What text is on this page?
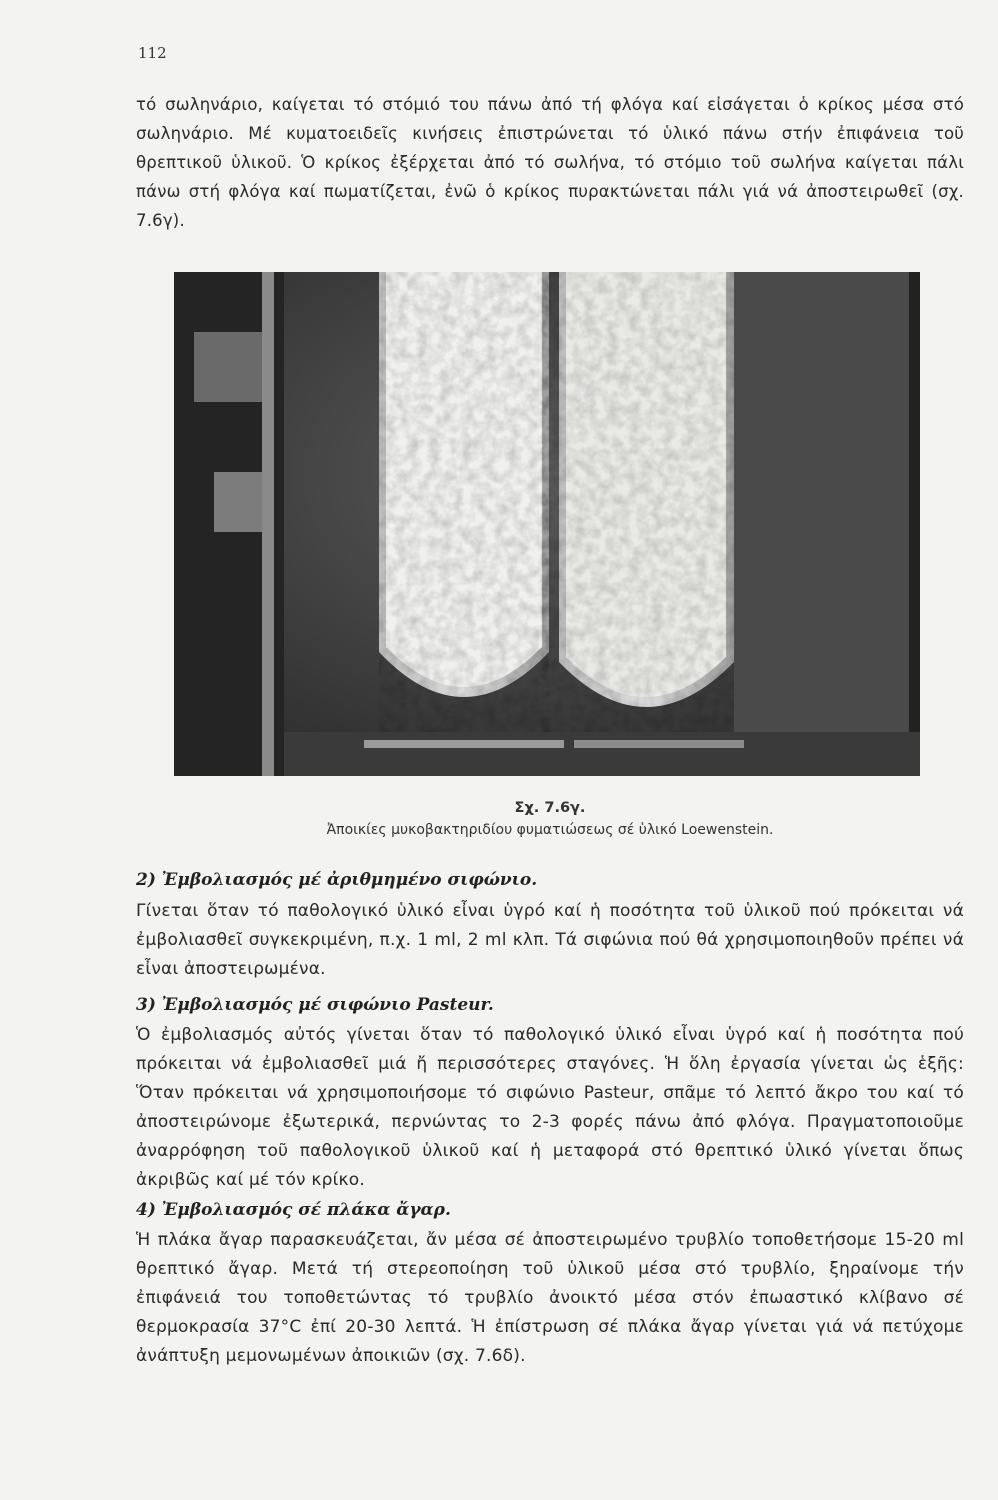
112

τό σωληνάριο, καίγεται τό στόμιό του πάνω ἀπό τή φλόγα καί εἰσάγεται ὁ κρίκος μέσα στό σωληνάριο. Μέ κυματοειδεῖς κινήσεις ἐπιστρώνεται τό ὑλικό πάνω στήν ἐπιφάνεια τοῦ θρεπτικοῦ ὑλικοῦ. Ὁ κρίκος ἐξέρχεται ἀπό τό σωλήνα, τό στόμιο τοῦ σωλήνα καίγεται πάλι πάνω στή φλόγα καί πωματίζεται, ἐνῶ ὁ κρίκος πυρακτώνεται πάλι γιά νά ἀποστειρωθεῖ (σχ. 7.6γ).

Σχ. 7.6γ.
Ἀποικίες μυκοβακτηριδίου φυματιώσεως σέ ὑλικό Loewenstein.
2) Ἐμβολιασμός μέ ἀριθμημένο σιφώνιο.

Γίνεται ὅταν τό παθολογικό ὑλικό εἶναι ὑγρό καί ἡ ποσότητα τοῦ ὑλικοῦ πού πρόκειται νά ἐμβολιασθεῖ συγκεκριμένη, π.χ. 1 ml, 2 ml κλπ. Τά σιφώνια πού θά χρησιμοποιηθοῦν πρέπει νά εἶναι ἀποστειρωμένα.

3) Ἐμβολιασμός μέ σιφώνιο Pasteur.

Ὁ ἐμβολιασμός αὐτός γίνεται ὅταν τό παθολογικό ὑλικό εἶναι ὑγρό καί ἡ ποσότητα πού πρόκειται νά ἐμβολιασθεῖ μιά ἤ περισσότερες σταγόνες. Ἡ ὅλη ἐργασία γίνεται ὡς ἑξῆς: Ὅταν πρόκειται νά χρησιμοποιήσομε τό σιφώνιο Pasteur, σπᾶμε τό λεπτό ἄκρο του καί τό ἀποστειρώνομε ἐξωτερικά, περνώντας το 2-3 φορές πάνω ἀπό φλόγα. Πραγματοποιοῦμε ἀναρρόφηση τοῦ παθολογικοῦ ὑλικοῦ καί ἡ μεταφορά στό θρεπτικό ὑλικό γίνεται ὅπως ἀκριβῶς καί μέ τόν κρίκο.

4) Ἐμβολιασμός σέ πλάκα ἄγαρ.

Ἡ πλάκα ἄγαρ παρασκευάζεται, ἄν μέσα σέ ἀποστειρωμένο τρυβλίο τοποθετήσομε 15-20 ml θρεπτικό ἄγαρ. Μετά τή στερεοποίηση τοῦ ὑλικοῦ μέσα στό τρυβλίο, ξηραίνομε τήν ἐπιφάνειά του τοποθετώντας τό τρυβλίο ἀνοικτό μέσα στόν ἐπωαστικό κλίβανο σέ θερμοκρασία 37°C ἐπί 20-30 λεπτά. Ἡ ἐπίστρωση σέ πλάκα ἄγαρ γίνεται γιά νά πετύχομε ἀνάπτυξη μεμονωμένων ἀποικιῶν (σχ. 7.6δ).
